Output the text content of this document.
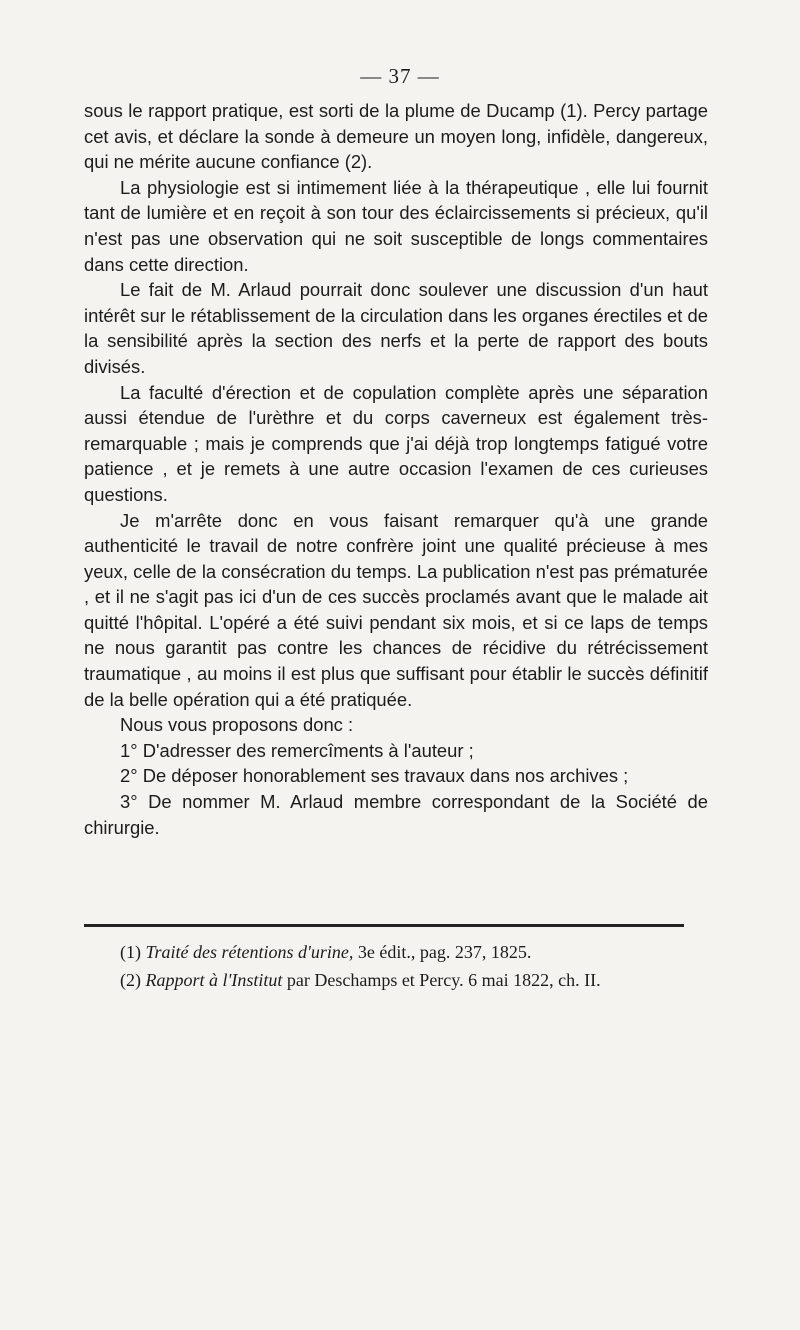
— 37 —

sous le rapport pratique, est sorti de la plume de Ducamp (1). Percy partage cet avis, et déclare la sonde à demeure un moyen long, infidèle, dangereux, qui ne mérite aucune confiance (2).

La physiologie est si intimement liée à la thérapeutique , elle lui fournit tant de lumière et en reçoit à son tour des éclaircissements si précieux, qu'il n'est pas une observation qui ne soit susceptible de longs commentaires dans cette direction.

Le fait de M. Arlaud pourrait donc soulever une discussion d'un haut intérêt sur le rétablissement de la circulation dans les organes érectiles et de la sensibilité après la section des nerfs et la perte de rapport des bouts divisés.

La faculté d'érection et de copulation complète après une séparation aussi étendue de l'urèthre et du corps caverneux est également très-remarquable ; mais je comprends que j'ai déjà trop longtemps fatigué votre patience , et je remets à une autre occasion l'examen de ces curieuses questions.

Je m'arrête donc en vous faisant remarquer qu'à une grande authenticité le travail de notre confrère joint une qualité précieuse à mes yeux, celle de la consécration du temps. La publication n'est pas prématurée , et il ne s'agit pas ici d'un de ces succès proclamés avant que le malade ait quitté l'hôpital. L'opéré a été suivi pendant six mois, et si ce laps de temps ne nous garantit pas contre les chances de récidive du rétrécissement traumatique , au moins il est plus que suffisant pour établir le succès définitif de la belle opération qui a été pratiquée.

Nous vous proposons donc :

1° D'adresser des remercîments à l'auteur ;

2° De déposer honorablement ses travaux dans nos archives ;

3° De nommer M. Arlaud membre correspondant de la Société de chirurgie.

(1) Traité des rétentions d'urine, 3e édit., pag. 237, 1825.

(2) Rapport à l'Institut par Deschamps et Percy. 6 mai 1822, ch. II.
